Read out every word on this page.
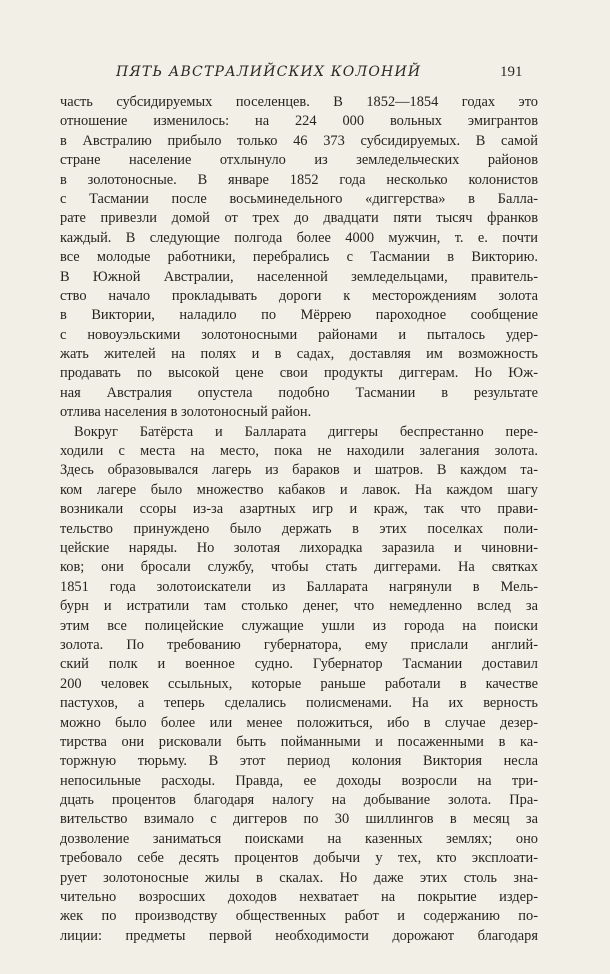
ПЯТЬ АВСТРАЛИЙСКИХ КОЛОНИЙ	191
часть субсидируемых поселенцев. В 1852—1854 годах это
отношение изменилось: на 224 000 вольных эмигрантов
в Австралию прибыло только 46 373 субсидируемых. В самой
стране население отхлынуло из земледельческих районов
в золотоносные. В январе 1852 года несколько колонистов
с Тасмании после восьминедельного «диггерства» в Балла-
рате привезли домой от трех до двадцати пяти тысяч франков
каждый. В следующие полгода более 4000 мужчин, т. е. почти
все молодые работники, перебрались с Тасмании в Викторию.
В Южной Австралии, населенной земледельцами, правитель-
ство начало прокладывать дороги к месторождениям золота
в Виктории, наладило по Мёррею пароходное сообщение
с новоуэльскими золотоносными районами и пыталось удер-
жать жителей на полях и в садах, доставляя им возможность
продавать по высокой цене свои продукты диггерам. Но Юж-
ная Австралия опустела подобно Тасмании в результате
отлива населения в золотоносный район.
Вокруг Батёрста и Балларата диггеры беспрестанно пере-
ходили с места на место, пока не находили залегания золота.
Здесь образовывался лагерь из бараков и шатров. В каждом та-
ком лагере было множество кабаков и лавок. На каждом шагу
возникали ссоры из-за азартных игр и краж, так что прави-
тельство принуждено было держать в этих поселках поли-
цейские наряды. Но золотая лихорадка заразила и чиновни-
ков; они бросали службу, чтобы стать диггерами. На святках
1851 года золотоискатели из Балларата нагрянули в Мель-
бурн и истратили там столько денег, что немедленно вслед за
этим все полицейские служащие ушли из города на поиски
золота. По требованию губернатора, ему прислали англий-
ский полк и военное судно. Губернатор Тасмании доставил
200 человек ссыльных, которые раньше работали в качестве
пастухов, а теперь сделались полисменами. На их верность
можно было более или менее положиться, ибо в случае дезер-
тирства они рисковали быть пойманными и посаженными в ка-
торжную тюрьму. В этот период колония Виктория несла
непосильные расходы. Правда, ее доходы возросли на три-
дцать процентов благодаря налогу на добывание золота. Пра-
вительство взимало с диггеров по 30 шиллингов в месяц за
дозволение заниматься поисками на казенных землях; оно
требовало себе десять процентов добычи у тех, кто эксплоати-
рует золотоносные жилы в скалах. Но даже этих столь зна-
чительно возросших доходов нехватает на покрытие издер-
жек по производству общественных работ и содержанию по-
лиции: предметы первой необходимости дорожают благодаря
